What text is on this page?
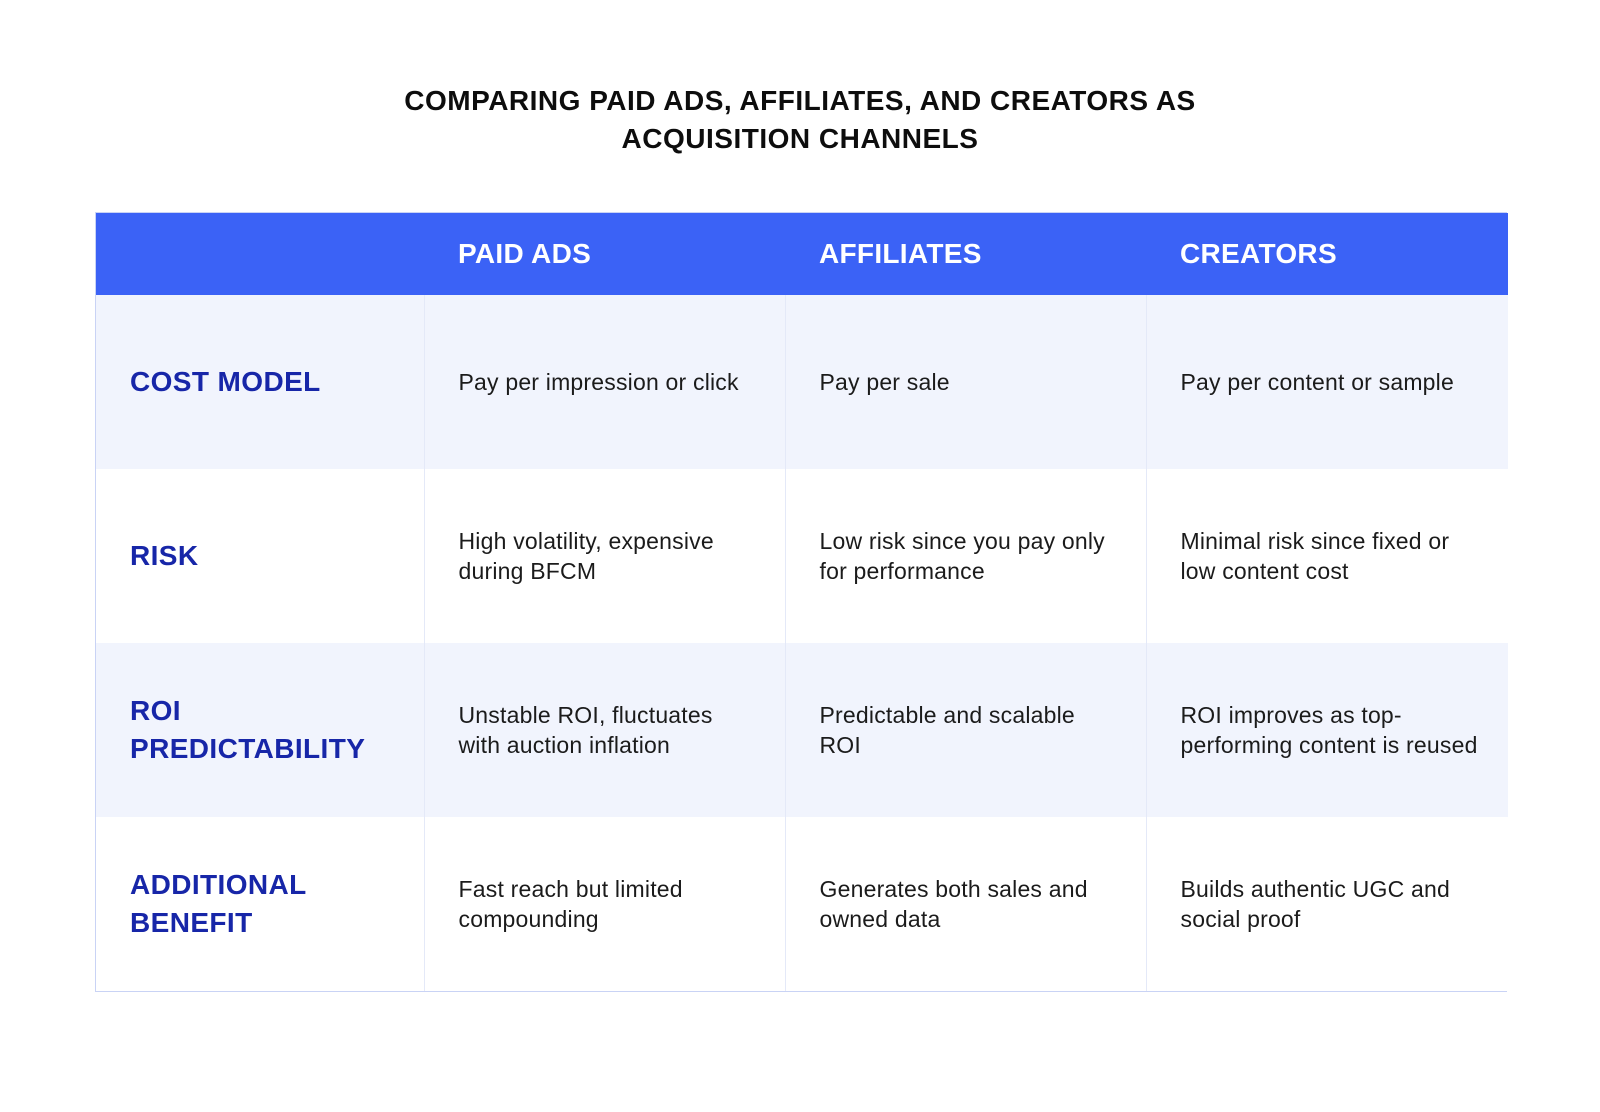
COMPARING PAID ADS, AFFILIATES, AND CREATORS AS
ACQUISITION CHANNELS
	PAID ADS	AFFILIATES	CREATORS
COST MODEL	Pay per impression or click	Pay per sale	Pay per content or sample
RISK	High volatility, expensive during BFCM	Low risk since you pay only for performance	Minimal risk since fixed or low content cost
ROI PREDICTABILITY	Unstable ROI, fluctuates with auction inflation	Predictable and scalable ROI	ROI improves as top-performing content is reused
ADDITIONAL BENEFIT	Fast reach but limited compounding	Generates both sales and owned data	Builds authentic UGC and social proof
